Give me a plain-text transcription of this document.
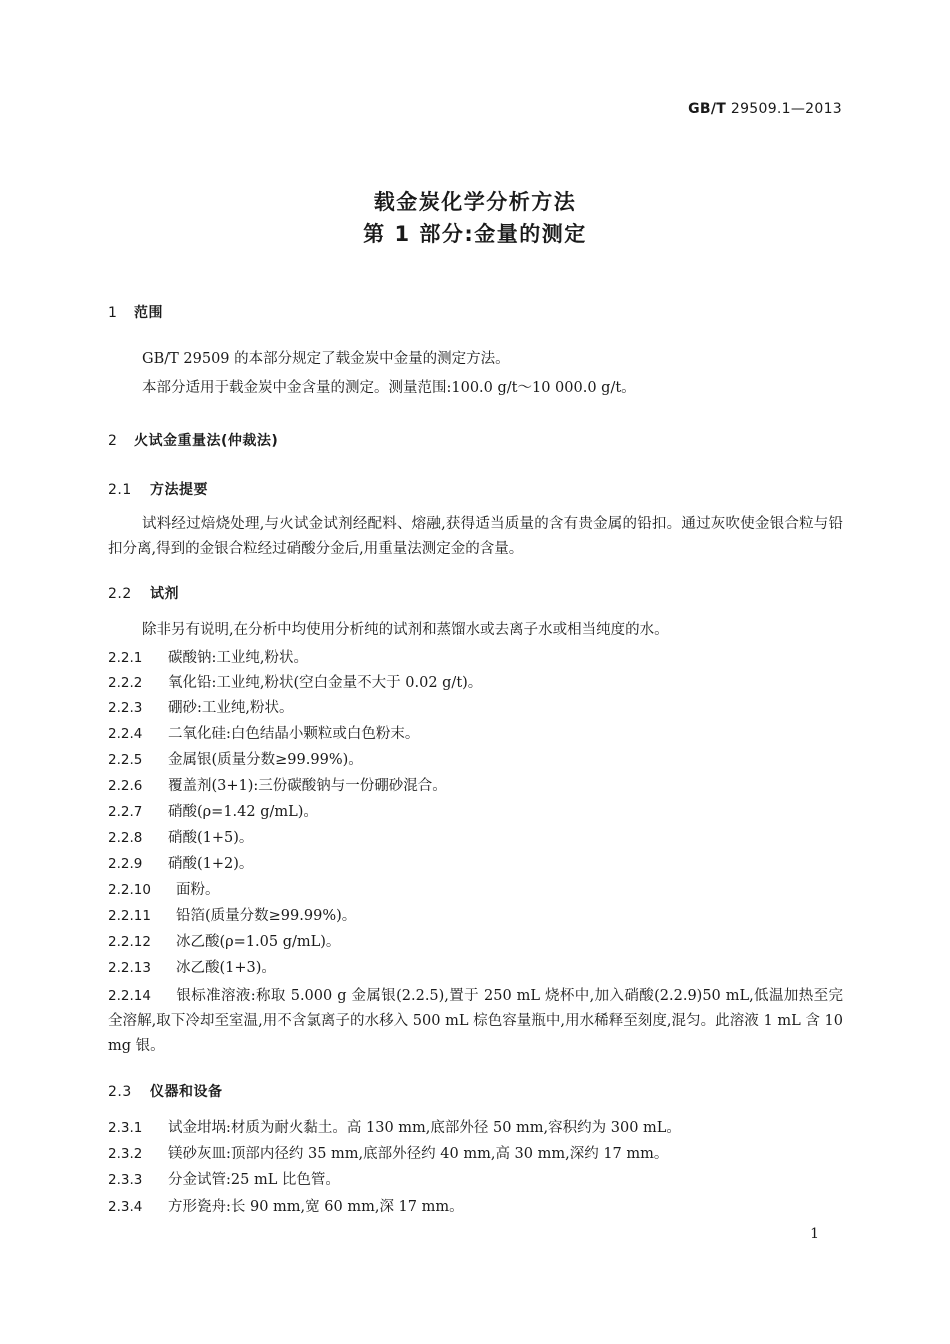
GB/T 29509.1—2013
载金炭化学分析方法
第 1 部分:金量的测定
1 范围
GB/T 29509 的本部分规定了载金炭中金量的测定方法。
本部分适用于载金炭中金含量的测定。测量范围:100.0 g/t～10 000.0 g/t。
2 火试金重量法(仲裁法)
2.1 方法提要
试料经过焙烧处理,与火试金试剂经配料、熔融,获得适当质量的含有贵金属的铅扣。通过灰吹使金银合粒与铅扣分离,得到的金银合粒经过硝酸分金后,用重量法测定金的含量。
2.2 试剂
除非另有说明,在分析中均使用分析纯的试剂和蒸馏水或去离子水或相当纯度的水。
2.2.1 碳酸钠:工业纯,粉状。
2.2.2 氧化铅:工业纯,粉状(空白金量不大于 0.02 g/t)。
2.2.3 硼砂:工业纯,粉状。
2.2.4 二氧化硅:白色结晶小颗粒或白色粉末。
2.2.5 金属银(质量分数≥99.99%)。
2.2.6 覆盖剂(3+1):三份碳酸钠与一份硼砂混合。
2.2.7 硝酸(ρ=1.42 g/mL)。
2.2.8 硝酸(1+5)。
2.2.9 硝酸(1+2)。
2.2.10 面粉。
2.2.11 铅箔(质量分数≥99.99%)。
2.2.12 冰乙酸(ρ=1.05 g/mL)。
2.2.13 冰乙酸(1+3)。
2.2.14 银标准溶液:称取 5.000 g 金属银(2.2.5),置于 250 mL 烧杯中,加入硝酸(2.2.9)50 mL,低温加热至完全溶解,取下冷却至室温,用不含氯离子的水移入 500 mL 棕色容量瓶中,用水稀释至刻度,混匀。此溶液 1 mL 含 10 mg 银。
2.3 仪器和设备
2.3.1 试金坩埚:材质为耐火黏土。高 130 mm,底部外径 50 mm,容积约为 300 mL。
2.3.2 镁砂灰皿:顶部内径约 35 mm,底部外径约 40 mm,高 30 mm,深约 17 mm。
2.3.3 分金试管:25 mL 比色管。
2.3.4 方形瓷舟:长 90 mm,宽 60 mm,深 17 mm。
1
